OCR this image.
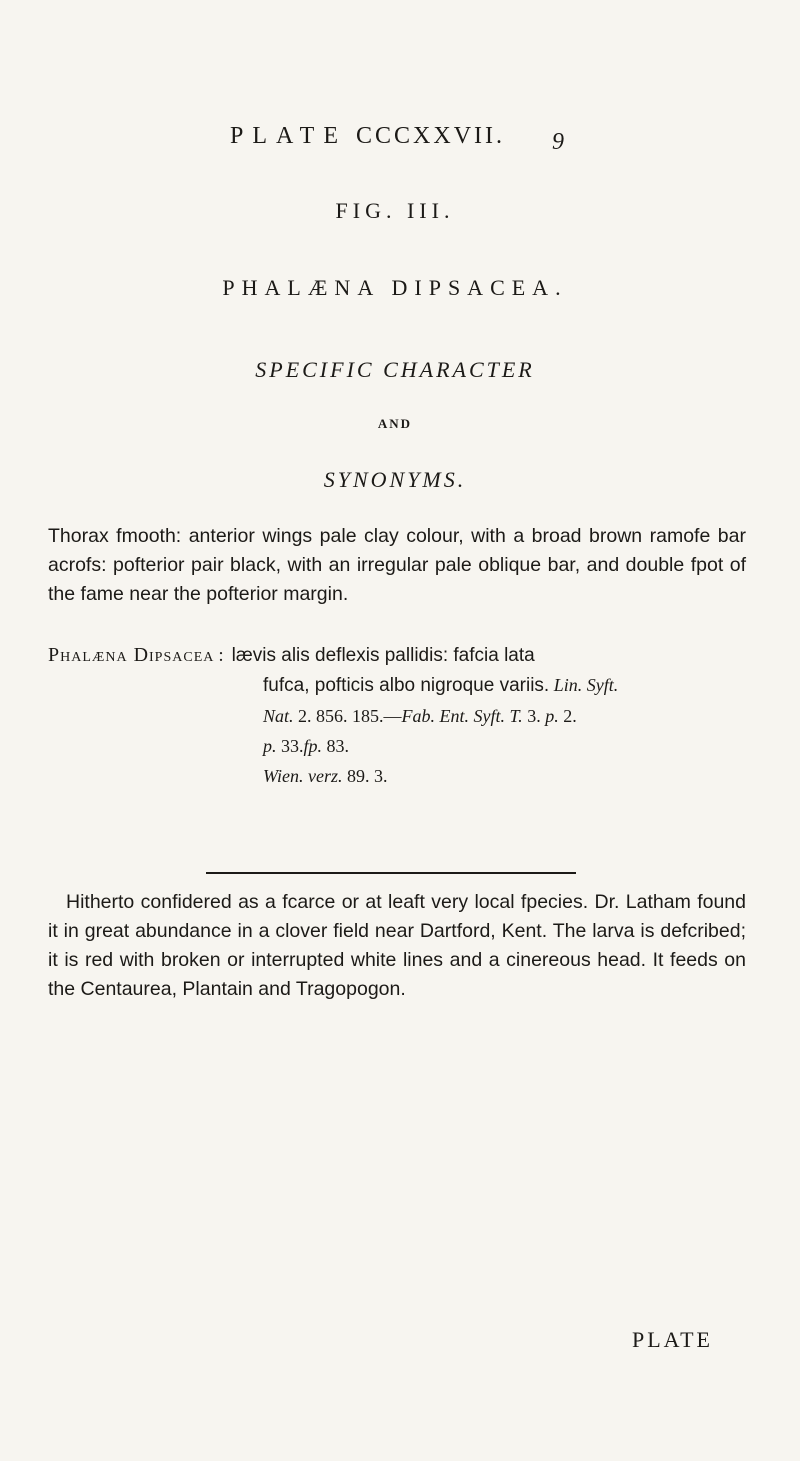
PLATE CCCXXVII. 9
FIG. III.
PHALÆNA DIPSACEA.
SPECIFIC CHARACTER
AND
SYNONYMS.

Thorax fmooth: anterior wings pale clay colour, with a broad brown ramofe bar acrofs: pofterior pair black, with an irregular pale oblique bar, and double fpot of the fame near the pofterior margin.

Phalæna Dipsacea : lævis alis deflexis pallidis: fafcia lata
fufca, pofticis albo nigroque variis. Lin. Syft.
Nat. 2. 856. 185.—Fab. Ent. Syft. T. 3. p. 2.
p. 33.fp. 83.
Wien. verz. 89. 3.

Hitherto confidered as a fcarce or at leaft very local fpecies. Dr. Latham found it in great abundance in a clover field near Dartford, Kent. The larva is defcribed; it is red with broken or interrupted white lines and a cinereous head. It feeds on the Centaurea, Plantain and Tragopogon.

PLATE
